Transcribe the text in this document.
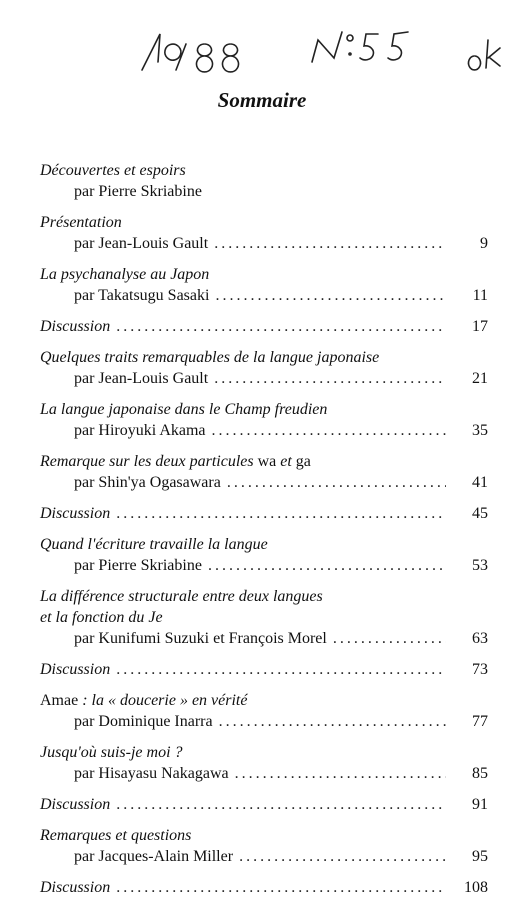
Sommaire
Découvertes et espoirs
par Pierre Skriabine
Présentation
par Jean-Louis Gault .....	9
La psychanalyse au Japon
par Takatsugu Sasaki .....	11
Discussion .....	17
Quelques traits remarquables de la langue japonaise
par Jean-Louis Gault .....	21
La langue japonaise dans le Champ freudien
par Hiroyuki Akama .....	35
Remarque sur les deux particules wa et ga
par Shin'ya Ogasawara .....	41
Discussion .....	45
Quand l'écriture travaille la langue
par Pierre Skriabine .....	53
La différence structurale entre deux langues
et la fonction du Je
par Kunifumi Suzuki et François Morel .....	63
Discussion .....	73
Amae : la « doucerie » en vérité
par Dominique Inarra .....	77
Jusqu'où suis-je moi ?
par Hisayasu Nakagawa .....	85
Discussion .....	91
Remarques et questions
par Jacques-Alain Miller .....	95
Discussion .....	108
